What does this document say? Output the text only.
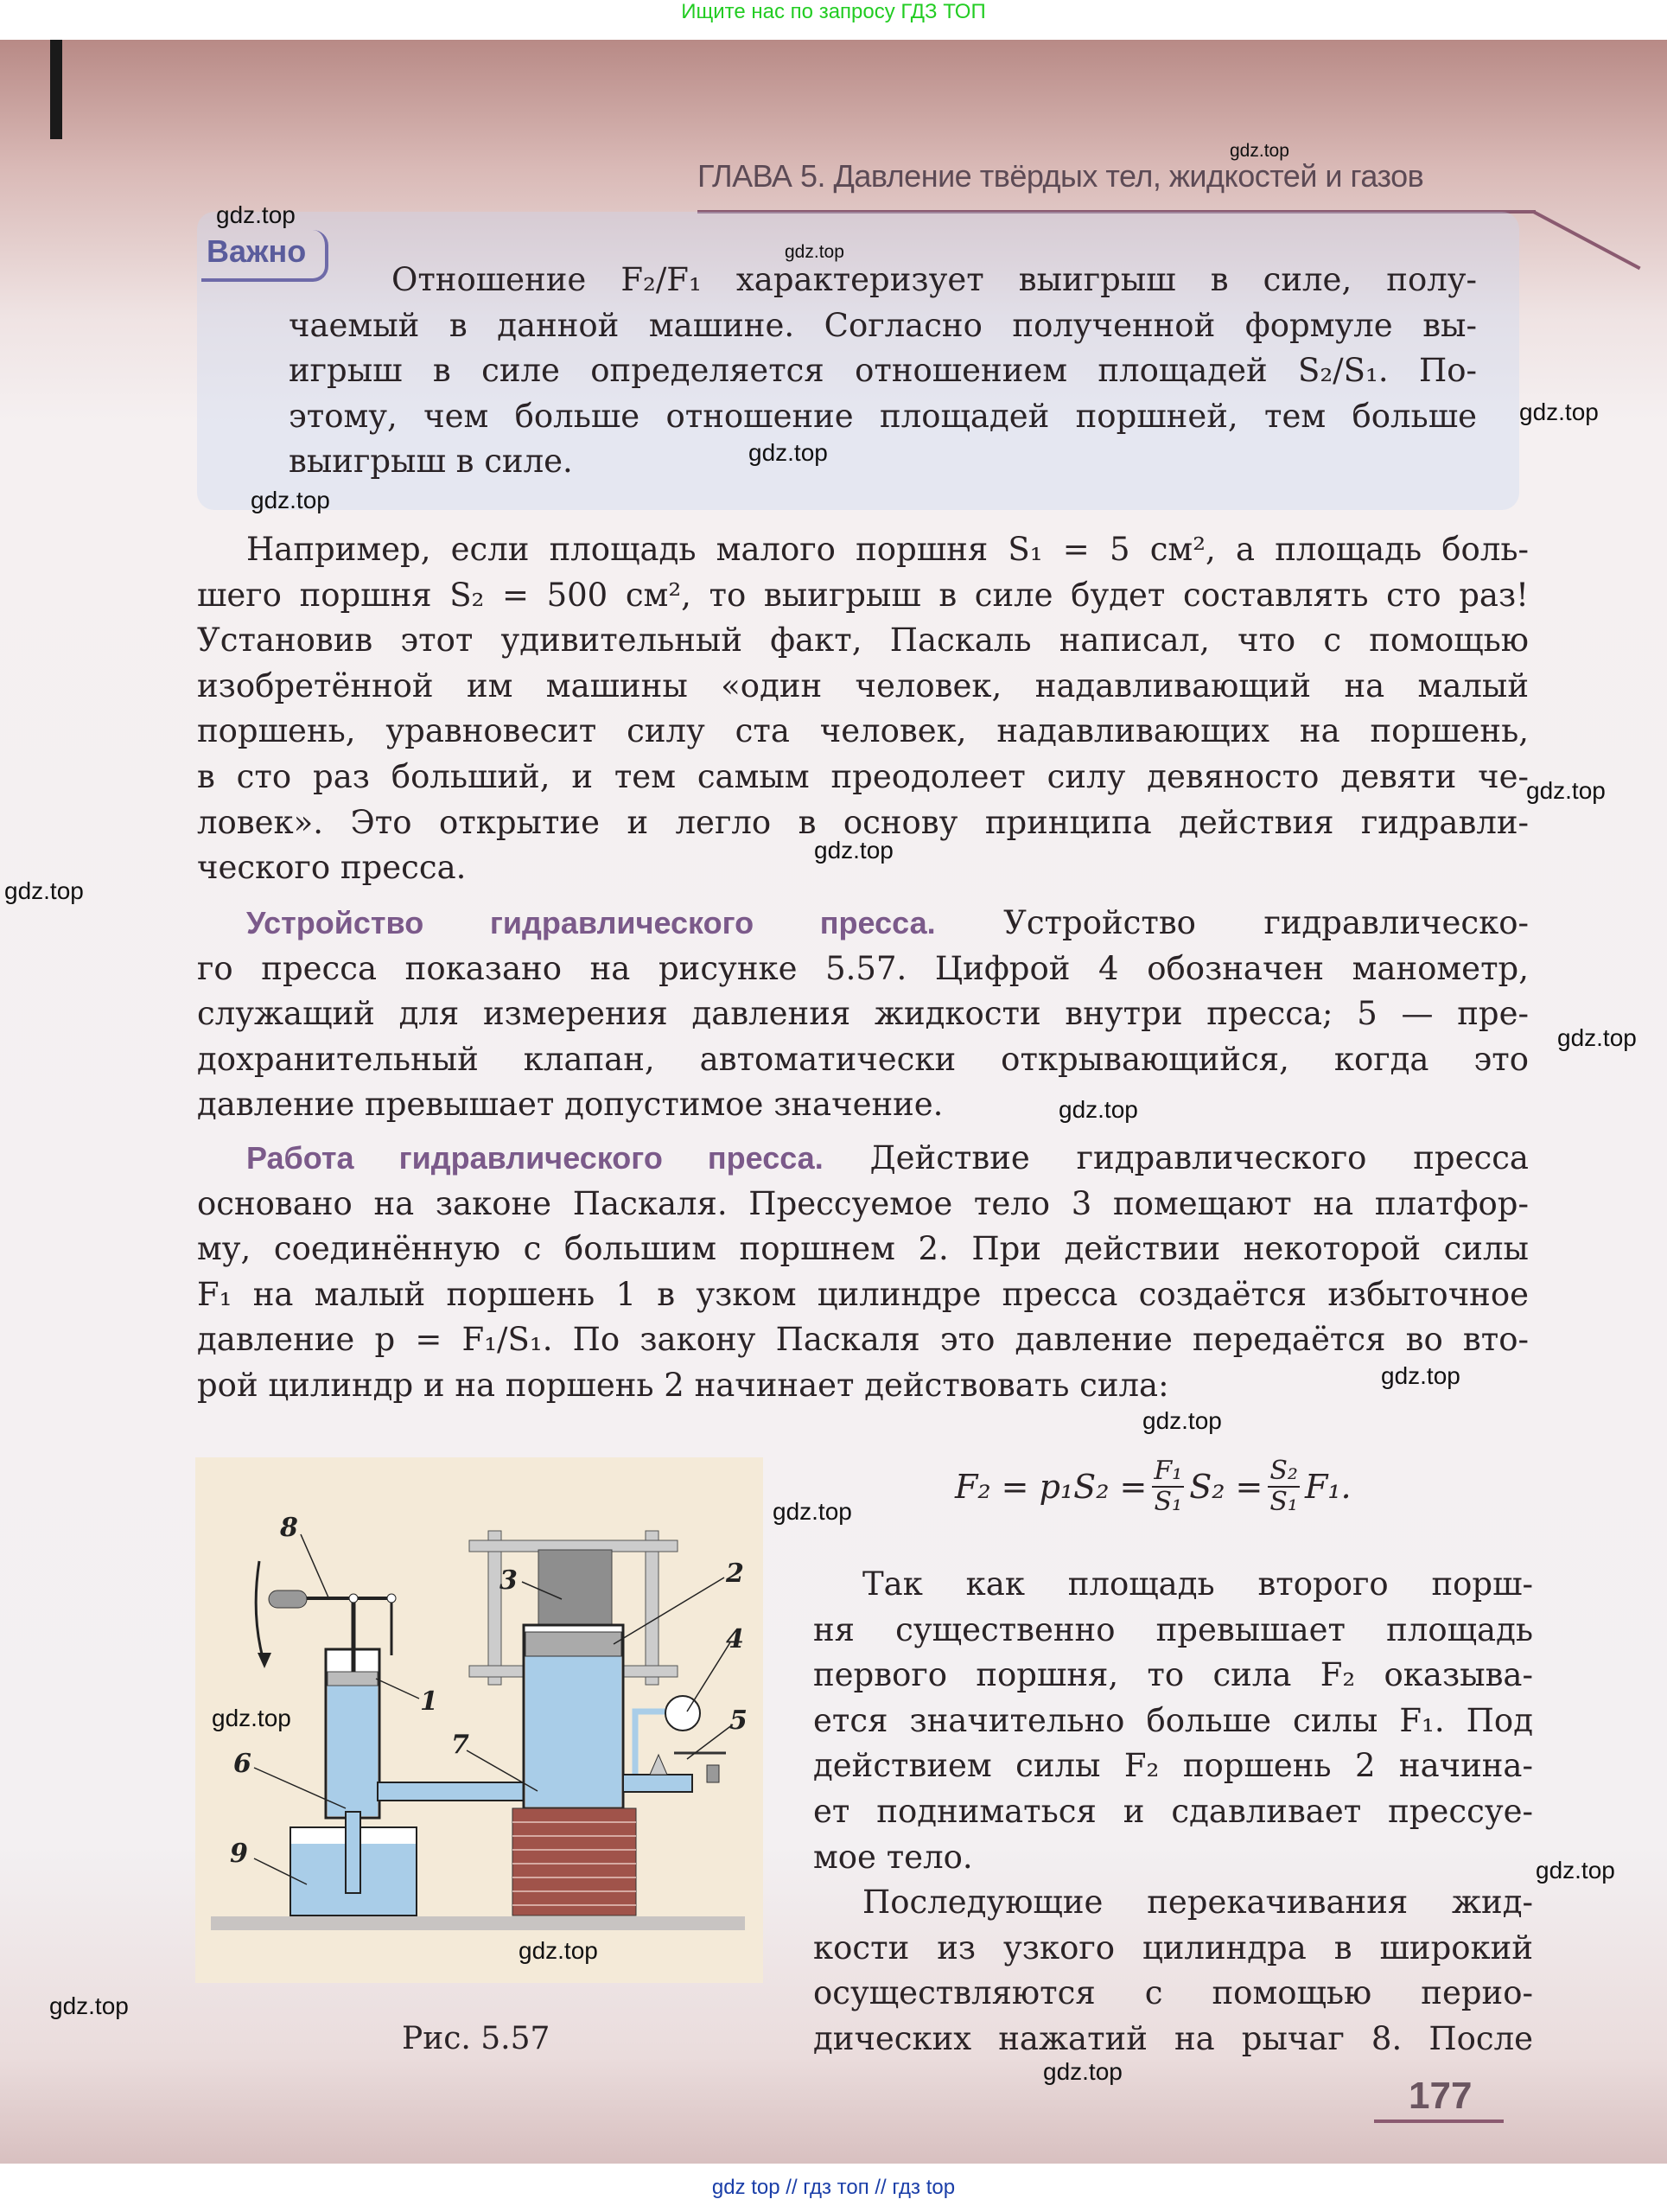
Ищите нас по запросу ГДЗ ТОП
ГЛАВА 5. Давление твёрдых тел, жидкостей и газов
Важно
Отношение F₂/F₁ характеризует выигрыш в силе, полу-
чаемый в данной машине. Согласно полученной формуле вы-
игрыш в силе определяется отношением площадей S₂/S₁. По-
этому, чем больше отношение площадей поршней, тем больше
выигрыш в силе.
Например, если площадь малого поршня S₁ = 5 см², а площадь боль-
шего поршня S₂ = 500 см², то выигрыш в силе будет составлять сто раз!
Установив этот удивительный факт, Паскаль написал, что с помощью
изобретённой им машины «один человек, надавливающий на малый
поршень, уравновесит силу ста человек, надавливающих на поршень,
в сто раз больший, и тем самым преодолеет силу девяносто девяти че-
ловек». Это открытие и легло в основу принципа действия гидравли-
ческого пресса.
Устройство гидравлического пресса. Устройство гидравлическо-
го пресса показано на рисунке 5.57. Цифрой 4 обозначен манометр,
служащий для измерения давления жидкости внутри пресса; 5 — пре-
дохранительный клапан, автоматически открывающийся, когда это
давление превышает допустимое значение.
Работа гидравлического пресса. Действие гидравлического пресса
основано на законе Паскаля. Прессуемое тело 3 помещают на платфор-
му, соединённую с большим поршнем 2. При действии некоторой силы
F₁ на малый поршень 1 в узком цилиндре пресса создаётся избыточное
давление p = F₁/S₁. По закону Паскаля это давление передаётся во вто-
рой цилиндр и на поршень 2 начинает действовать сила:
$F_2 = p_1S_2 = \frac{\text{F₁}}{\text{S₁}} S_2 = \frac{\text{S₂}}{\text{S₁}} F_1$.
1
2
3
4
5
6
7
8
9
Рис. 5.57
Так как площадь второго порш-
ня существенно превышает площадь
первого поршня, то сила F₂ оказыва-
ется значительно больше силы F₁. Под
действием силы F₂ поршень 2 начина-
ет подниматься и сдавливает прессуе-
мое тело.
Последующие перекачивания жид-
кости из узкого цилиндра в широкий
осуществляются с помощью перио-
дических нажатий на рычаг 8. После
177
gdz.top
gdz.top
gdz.top
gdz.top
gdz.top
gdz.top
gdz.top
gdz.top
gdz.top
gdz.top
gdz.top
gdz.top
gdz.top
gdz.top
gdz.top
gdz.top
gdz.top
gdz.top
gdz.top
gdz top // гдз топ // гдз top
